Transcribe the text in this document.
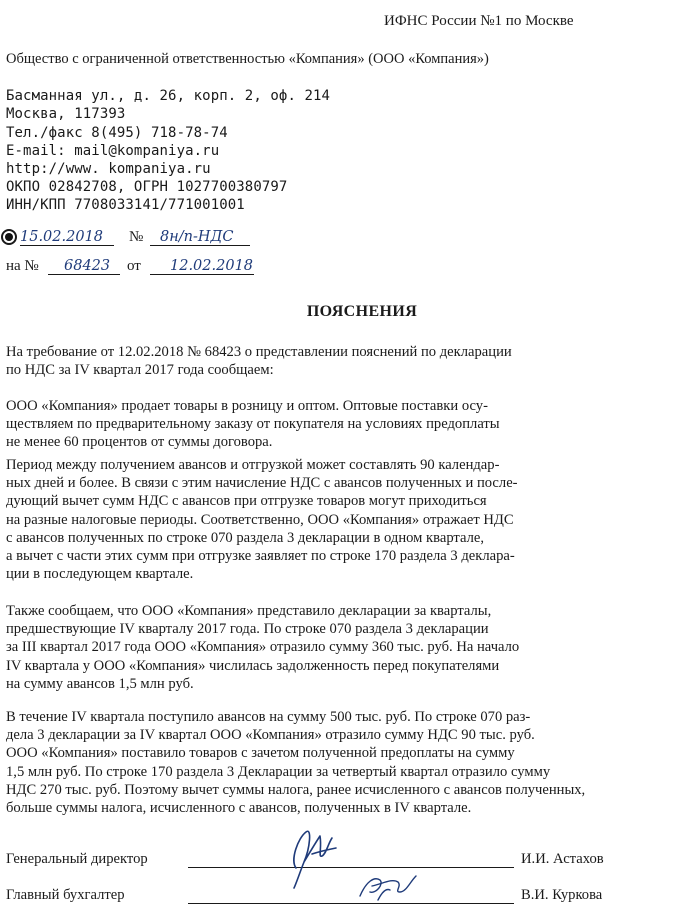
ИФНС России №1 по Москве
Общество с ограниченной ответственностью «Компания» (ООО «Компания»)
Басманная ул., д. 26, корп. 2, оф. 214
Москва, 117393
Тел./факс 8(495) 718-78-74
E-mail: mail@kompaniya.ru
http://www. kompaniya.ru
ОКПО 02842708, ОГРН 1027700380797
ИНН/КПП 7708033141/771001001
15.02.2018	№	8н/п-НДС
на №	68423	от	12.02.2018
ПОЯСНЕНИЯ
На требование от 12.02.2018 № 68423 о представлении пояснений по декларации
по НДС за IV квартал 2017 года сообщаем:
ООО «Компания» продает товары в розницу и оптом. Оптовые поставки осу-
ществляем по предварительному заказу от покупателя на условиях предоплаты
не менее 60 процентов от суммы договора.
Период между получением авансов и отгрузкой может составлять 90 календар-
ных дней и более. В связи с этим начисление НДС с авансов полученных и после-
дующий вычет сумм НДС с авансов при отгрузке товаров могут приходиться
на разные налоговые периоды. Соответственно, ООО «Компания» отражает НДС
с авансов полученных по строке 070 раздела 3 декларации в одном квартале,
а вычет с части этих сумм при отгрузке заявляет по строке 170 раздела 3 деклара-
ции в последующем квартале.
Также сообщаем, что ООО «Компания» представило декларации за кварталы,
предшествующие IV кварталу 2017 года. По строке 070 раздела 3 декларации
за III квартал 2017 года ООО «Компания» отразило сумму 360 тыс. руб. На начало
IV квартала у ООО «Компания» числилась задолженность перед покупателями
на сумму авансов 1,5 млн руб.
В течение IV квартала поступило авансов на сумму 500 тыс. руб. По строке 070 раз-
дела 3 декларации за IV квартал ООО «Компания» отразило сумму НДС 90 тыс. руб.
ООО «Компания» поставило товаров с зачетом полученной предоплаты на сумму
1,5 млн руб. По строке 170 раздела 3 Декларации за четвертый квартал отразило сумму
НДС 270 тыс. руб. Поэтому вычет суммы налога, ранее исчисленного с авансов полученных,
больше суммы налога, исчисленного с авансов, полученных в IV квартале.
Генеральный директор	И.И. Астахов
Главный бухгалтер	В.И. Куркова
